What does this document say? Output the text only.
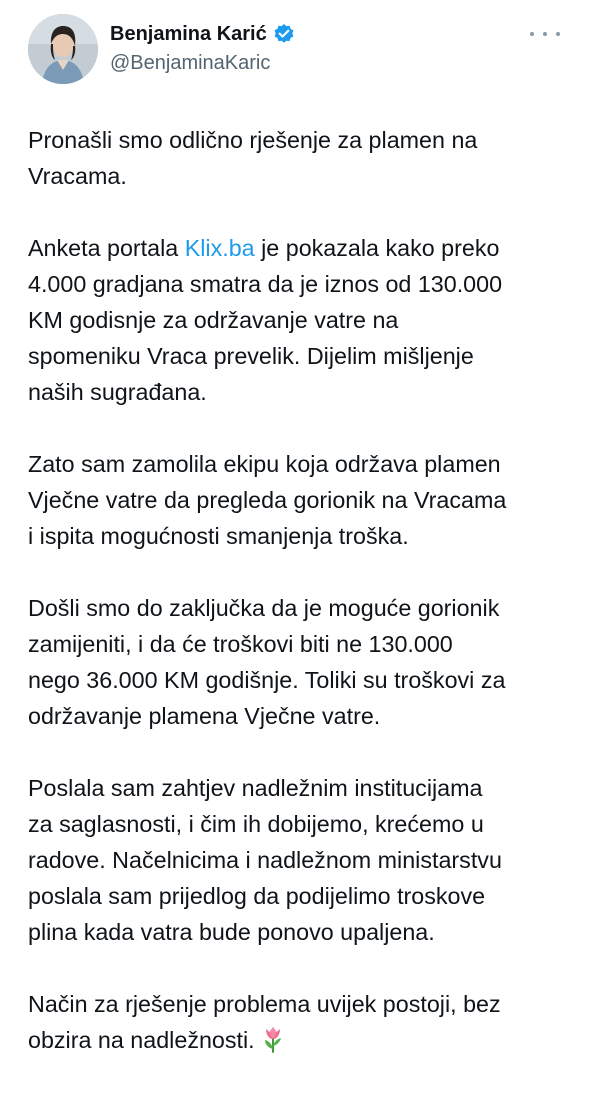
Benjamina Karić
@BenjaminaKaric

Pronašli smo odlično rješenje za plamen na
Vracama.

Anketa portala Klix.ba je pokazala kako preko
4.000 gradjana smatra da je iznos od 130.000
KM godisnje za održavanje vatre na
spomeniku Vraca prevelik. Dijelim mišljenje
naših sugrađana.

Zato sam zamolila ekipu koja održava plamen
Vječne vatre da pregleda gorionik na Vracama
i ispita mogućnosti smanjenja troška.

Došli smo do zaključka da je moguće gorionik
zamijeniti, i da će troškovi biti ne 130.000
nego 36.000 KM godišnje. Toliki su troškovi za
održavanje plamena Vječne vatre.

Poslala sam zahtjev nadležnim institucijama
za saglasnosti, i čim ih dobijemo, krećemo u
radove. Načelnicima i nadležnom ministarstvu
poslala sam prijedlog da podijelimo troskove
plina kada vatra bude ponovo upaljena.

Način za rješenje problema uvijek postoji, bez
obzira na nadležnosti.
